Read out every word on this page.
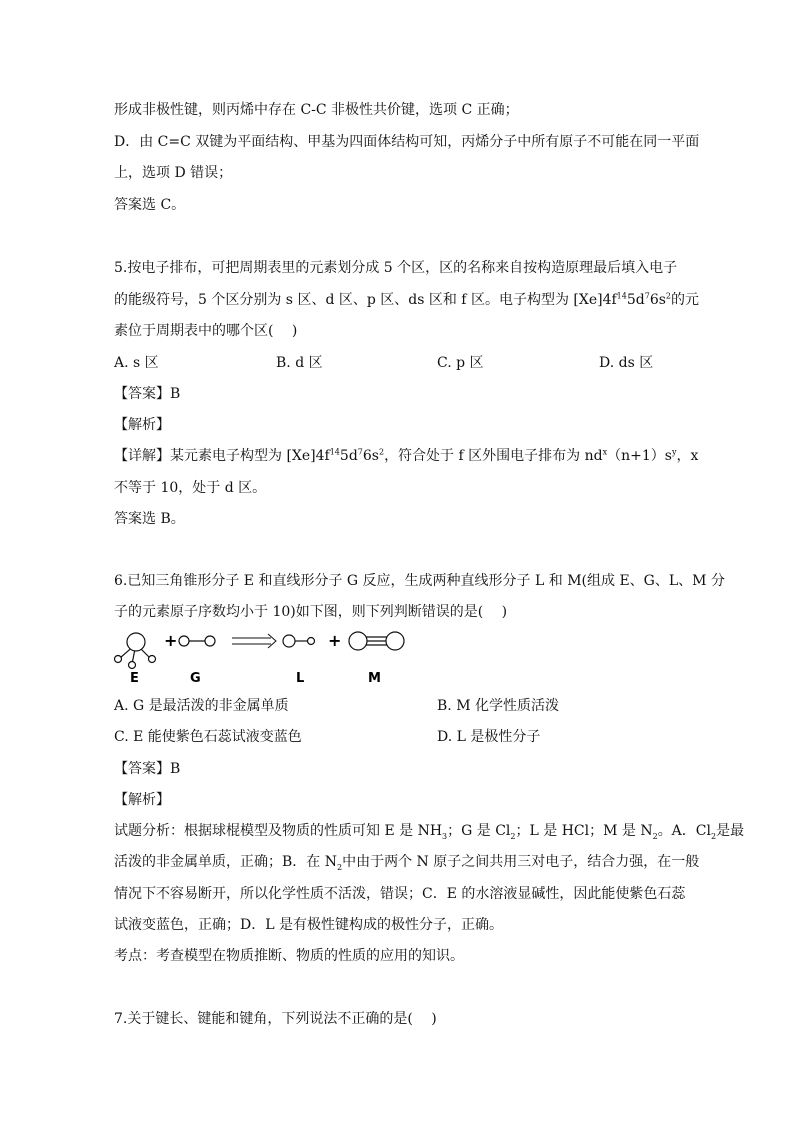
形成非极性键，则丙烯中存在 C-C 非极性共价键，选项 C 正确；
D．由 C=C 双键为平面结构、甲基为四面体结构可知，丙烯分子中所有原子不可能在同一平面
上，选项 D 错误；
答案选 C。
5.按电子排布，可把周期表里的元素划分成 5 个区，区的名称来自按构造原理最后填入电子
的能级符号，5 个区分别为 s 区、d 区、p 区、ds 区和 f 区。电子构型为 $[Xe]4f^{14}5d^76s^2$的元
素位于周期表中的哪个区(　 )
A. s 区	B. d 区	C. p 区	D. ds 区
【答案】B
【解析】
【详解】某元素电子构型为 $[Xe]4f^{14}5d^76s^2$，符合处于 f 区外围电子排布为 $nd^x(n+1)s^y$，x
不等于 10，处于 d 区。
答案选 B。
6.已知三角锥形分子 E 和直线形分子 G 反应，生成两种直线形分子 L 和 M(组成 E、G、L、M 分
子的元素原子序数均小于 10)如下图，则下列判断错误的是(　 )
+	+
E	G	L	M
A. G 是最活泼的非金属单质	B. M 化学性质活泼
C. E 能使紫色石蕊试液变蓝色	D. L 是极性分子
【答案】B
【解析】
试题分析：根据球棍模型及物质的性质可知 E 是 $NH_3$；G 是 $Cl_2$；L 是 HCl；M 是 $N_2$。A．$Cl_2$是最
活泼的非金属单质，正确；B．在 $N_2$中由于两个 N 原子之间共用三对电子，结合力强，在一般
情况下不容易断开，所以化学性质不活泼，错误；C．E 的水溶液显碱性，因此能使紫色石蕊
试液变蓝色，正确；D．L 是有极性键构成的极性分子，正确。
考点：考查模型在物质推断、物质的性质的应用的知识。
7.关于键长、键能和键角，下列说法不正确的是(　 )
